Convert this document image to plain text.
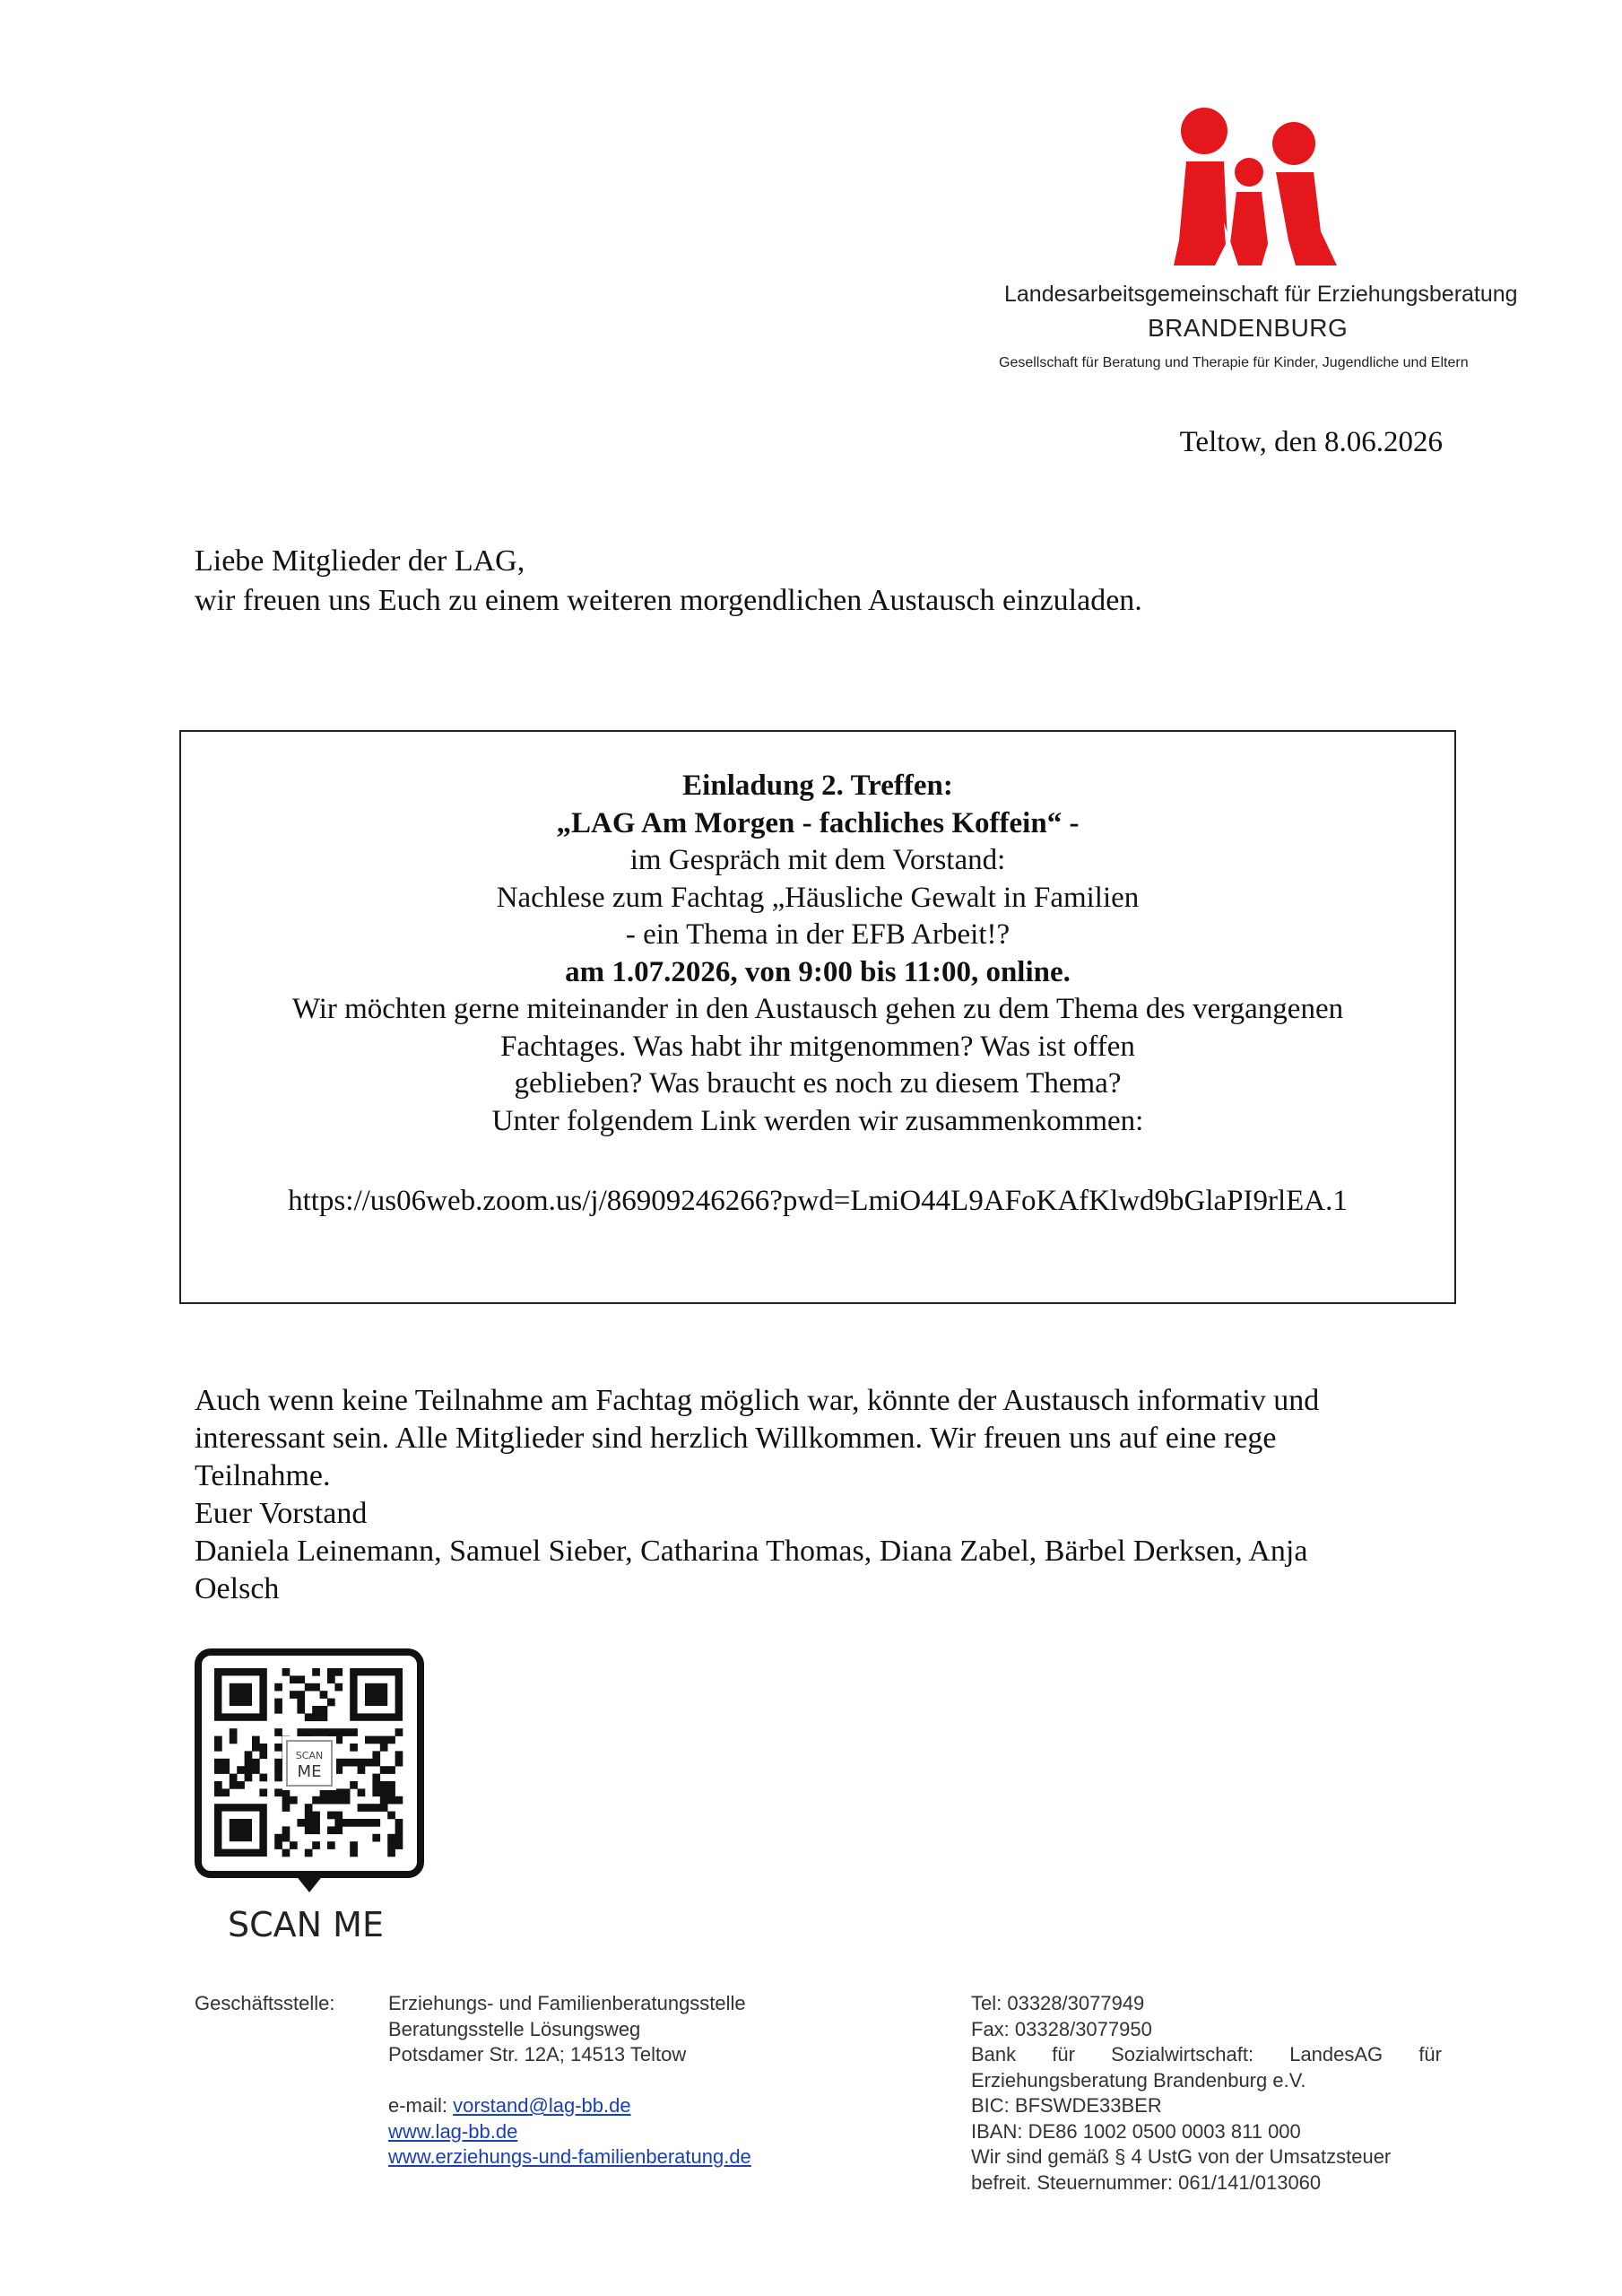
Landesarbeitsgemeinschaft für Erziehungsberatung
BRANDENBURG
Gesellschaft für Beratung und Therapie für Kinder, Jugendliche und Eltern
Teltow, den 8.06.2026
Liebe Mitglieder der LAG,
wir freuen uns Euch zu einem weiteren morgendlichen Austausch einzuladen.
Einladung 2. Treffen:
„LAG Am Morgen - fachliches Koffein“ -
im Gespräch mit dem Vorstand:
Nachlese zum Fachtag „Häusliche Gewalt in Familien
- ein Thema in der EFB Arbeit!?
am 1.07.2026, von 9:00 bis 11:00, online.
Wir möchten gerne miteinander in den Austausch gehen zu dem Thema des vergangenen
Fachtages. Was habt ihr mitgenommen? Was ist offen
geblieben? Was braucht es noch zu diesem Thema?
Unter folgendem Link werden wir zusammenkommen:
https://us06web.zoom.us/j/86909246266?pwd=LmiO44L9AFoKAfKlwd9bGlaPI9rlEA.1
Auch wenn keine Teilnahme am Fachtag möglich war, könnte der Austausch informativ und
interessant sein. Alle Mitglieder sind herzlich Willkommen. Wir freuen uns auf eine rege
Teilnahme.
Euer Vorstand
Daniela Leinemann, Samuel Sieber, Catharina Thomas, Diana Zabel, Bärbel Derksen, Anja
Oelsch
SCAN
ME
SCAN ME
Geschäftsstelle:	Erziehungs- und Familienberatungsstelle
Beratungsstelle Lösungsweg
Potsdamer Str. 12A; 14513 Teltow

e-mail: vorstand@lag-bb.de
www.lag-bb.de
www.erziehungs-und-familienberatung.de
Tel: 03328/3077949
Fax: 03328/3077950
Bank für Sozialwirtschaft: LandesAG für
Erziehungsberatung Brandenburg e.V.
BIC: BFSWDE33BER
IBAN: DE86 1002 0500 0003 811 000
Wir sind gemäß § 4 UstG von der Umsatzsteuer
befreit. Steuernummer: 061/141/013060
